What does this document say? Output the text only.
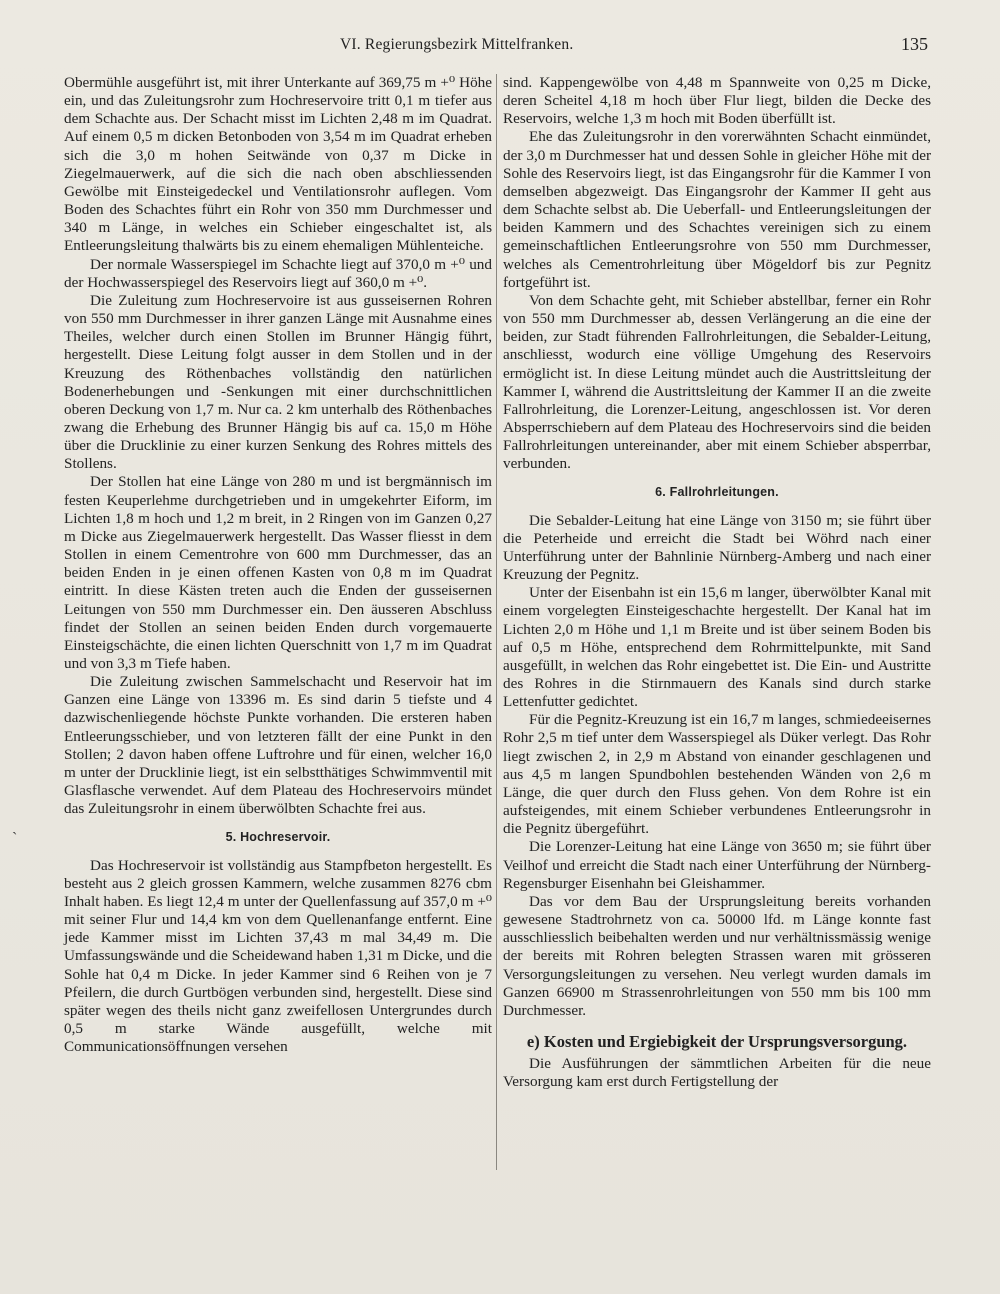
VI. Regierungsbezirk Mittelfranken.	135
`

Obermühle ausgeführt ist, mit ihrer Unterkante auf 369,75 m +⁰ Höhe ein, und das Zuleitungsrohr zum Hochreservoire tritt 0,1 m tiefer aus dem Schachte aus. Der Schacht misst im Lichten 2,48 m im Quadrat. Auf einem 0,5 m dicken Betonboden von 3,54 m im Quadrat erheben sich die 3,0 m hohen Seitwände von 0,37 m Dicke in Ziegelmauerwerk, auf die sich die nach oben abschliessenden Gewölbe mit Einsteigedeckel und Ventilationsrohr auflegen. Vom Boden des Schachtes führt ein Rohr von 350 mm Durchmesser und 340 m Länge, in welches ein Schieber eingeschaltet ist, als Entleerungsleitung thalwärts bis zu einem ehemaligen Mühlenteiche.

Der normale Wasserspiegel im Schachte liegt auf 370,0 m +⁰ und der Hochwasserspiegel des Reservoirs liegt auf 360,0 m +⁰.

Die Zuleitung zum Hochreservoire ist aus gusseisernen Rohren von 550 mm Durchmesser in ihrer ganzen Länge mit Ausnahme eines Theiles, welcher durch einen Stollen im Brunner Hängig führt, hergestellt. Diese Leitung folgt ausser in dem Stollen und in der Kreuzung des Röthenbaches vollständig den natürlichen Bodenerhebungen und -Senkungen mit einer durchschnittlichen oberen Deckung von 1,7 m. Nur ca. 2 km unterhalb des Röthenbaches zwang die Erhebung des Brunner Hängig bis auf ca. 15,0 m Höhe über die Drucklinie zu einer kurzen Senkung des Rohres mittels des Stollens.

Der Stollen hat eine Länge von 280 m und ist bergmännisch im festen Keuperlehme durchgetrieben und in umgekehrter Eiform, im Lichten 1,8 m hoch und 1,2 m breit, in 2 Ringen von im Ganzen 0,27 m Dicke aus Ziegelmauerwerk hergestellt. Das Wasser fliesst in dem Stollen in einem Cementrohre von 600 mm Durchmesser, das an beiden Enden in je einen offenen Kasten von 0,8 m im Quadrat eintritt. In diese Kästen treten auch die Enden der gusseisernen Leitungen von 550 mm Durchmesser ein. Den äusseren Abschluss findet der Stollen an seinen beiden Enden durch vorgemauerte Einsteigschächte, die einen lichten Querschnitt von 1,7 m im Quadrat und von 3,3 m Tiefe haben.

Die Zuleitung zwischen Sammelschacht und Reservoir hat im Ganzen eine Länge von 13396 m. Es sind darin 5 tiefste und 4 dazwischenliegende höchste Punkte vorhanden. Die ersteren haben Entleerungsschieber, und von letzteren fällt der eine Punkt in den Stollen; 2 davon haben offene Luftrohre und für einen, welcher 16,0 m unter der Drucklinie liegt, ist ein selbstthätiges Schwimmventil mit Glasflasche verwendet. Auf dem Plateau des Hochreservoirs mündet das Zuleitungsrohr in einem überwölbten Schachte frei aus.

5. Hochreservoir.

Das Hochreservoir ist vollständig aus Stampfbeton hergestellt. Es besteht aus 2 gleich grossen Kammern, welche zusammen 8276 cbm Inhalt haben. Es liegt 12,4 m unter der Quellenfassung auf 357,0 m +⁰ mit seiner Flur und 14,4 km von dem Quellenanfange entfernt. Eine jede Kammer misst im Lichten 37,43 m mal 34,49 m. Die Umfassungswände und die Scheidewand haben 1,31 m Dicke, und die Sohle hat 0,4 m Dicke. In jeder Kammer sind 6 Reihen von je 7 Pfeilern, die durch Gurtbögen verbunden sind, hergestellt. Diese sind später wegen des theils nicht ganz zweifellosen Untergrundes durch 0,5 m starke Wände ausgefüllt, welche mit Communicationsöffnungen versehen

sind. Kappengewölbe von 4,48 m Spannweite von 0,25 m Dicke, deren Scheitel 4,18 m hoch über Flur liegt, bilden die Decke des Reservoirs, welche 1,3 m hoch mit Boden überfüllt ist.

Ehe das Zuleitungsrohr in den vorerwähnten Schacht einmündet, der 3,0 m Durchmesser hat und dessen Sohle in gleicher Höhe mit der Sohle des Reservoirs liegt, ist das Eingangsrohr für die Kammer I von demselben abgezweigt. Das Eingangsrohr der Kammer II geht aus dem Schachte selbst ab. Die Ueberfall- und Entleerungsleitungen der beiden Kammern und des Schachtes vereinigen sich zu einem gemeinschaftlichen Entleerungsrohre von 550 mm Durchmesser, welches als Cementrohrleitung über Mögeldorf bis zur Pegnitz fortgeführt ist.

Von dem Schachte geht, mit Schieber abstellbar, ferner ein Rohr von 550 mm Durchmesser ab, dessen Verlängerung an die eine der beiden, zur Stadt führenden Fallrohrleitungen, die Sebalder-Leitung, anschliesst, wodurch eine völlige Umgehung des Reservoirs ermöglicht ist. In diese Leitung mündet auch die Austrittsleitung der Kammer I, während die Austrittsleitung der Kammer II an die zweite Fallrohrleitung, die Lorenzer-Leitung, angeschlossen ist. Vor deren Absperrschiebern auf dem Plateau des Hochreservoirs sind die beiden Fallrohrleitungen untereinander, aber mit einem Schieber absperrbar, verbunden.

6. Fallrohrleitungen.

Die Sebalder-Leitung hat eine Länge von 3150 m; sie führt über die Peterheide und erreicht die Stadt bei Wöhrd nach einer Unterführung unter der Bahnlinie Nürnberg-Amberg und nach einer Kreuzung der Pegnitz.

Unter der Eisenbahn ist ein 15,6 m langer, überwölbter Kanal mit einem vorgelegten Einsteigeschachte hergestellt. Der Kanal hat im Lichten 2,0 m Höhe und 1,1 m Breite und ist über seinem Boden bis auf 0,5 m Höhe, entsprechend dem Rohrmittelpunkte, mit Sand ausgefüllt, in welchen das Rohr eingebettet ist. Die Ein- und Austritte des Rohres in die Stirnmauern des Kanals sind durch starke Lettenfutter gedichtet.

Für die Pegnitz-Kreuzung ist ein 16,7 m langes, schmiedeeisernes Rohr 2,5 m tief unter dem Wasserspiegel als Düker verlegt. Das Rohr liegt zwischen 2, in 2,9 m Abstand von einander geschlagenen und aus 4,5 m langen Spundbohlen bestehenden Wänden von 2,6 m Länge, die quer durch den Fluss gehen. Von dem Rohre ist ein aufsteigendes, mit einem Schieber verbundenes Entleerungsrohr in die Pegnitz übergeführt.

Die Lorenzer-Leitung hat eine Länge von 3650 m; sie führt über Veilhof und erreicht die Stadt nach einer Unterführung der Nürnberg-Regensburger Eisenhahn bei Gleishammer.

Das vor dem Bau der Ursprungsleitung bereits vorhanden gewesene Stadtrohrnetz von ca. 50000 lfd. m Länge konnte fast ausschliesslich beibehalten werden und nur verhältnissmässig wenige der bereits mit Rohren belegten Strassen waren mit grösseren Versorgungsleitungen zu versehen. Neu verlegt wurden damals im Ganzen 66900 m Strassenrohrleitungen von 550 mm bis 100 mm Durchmesser.

e) Kosten und Ergiebigkeit der Ursprungsversorgung.

Die Ausführungen der sämmtlichen Arbeiten für die neue Versorgung kam erst durch Fertigstellung der
